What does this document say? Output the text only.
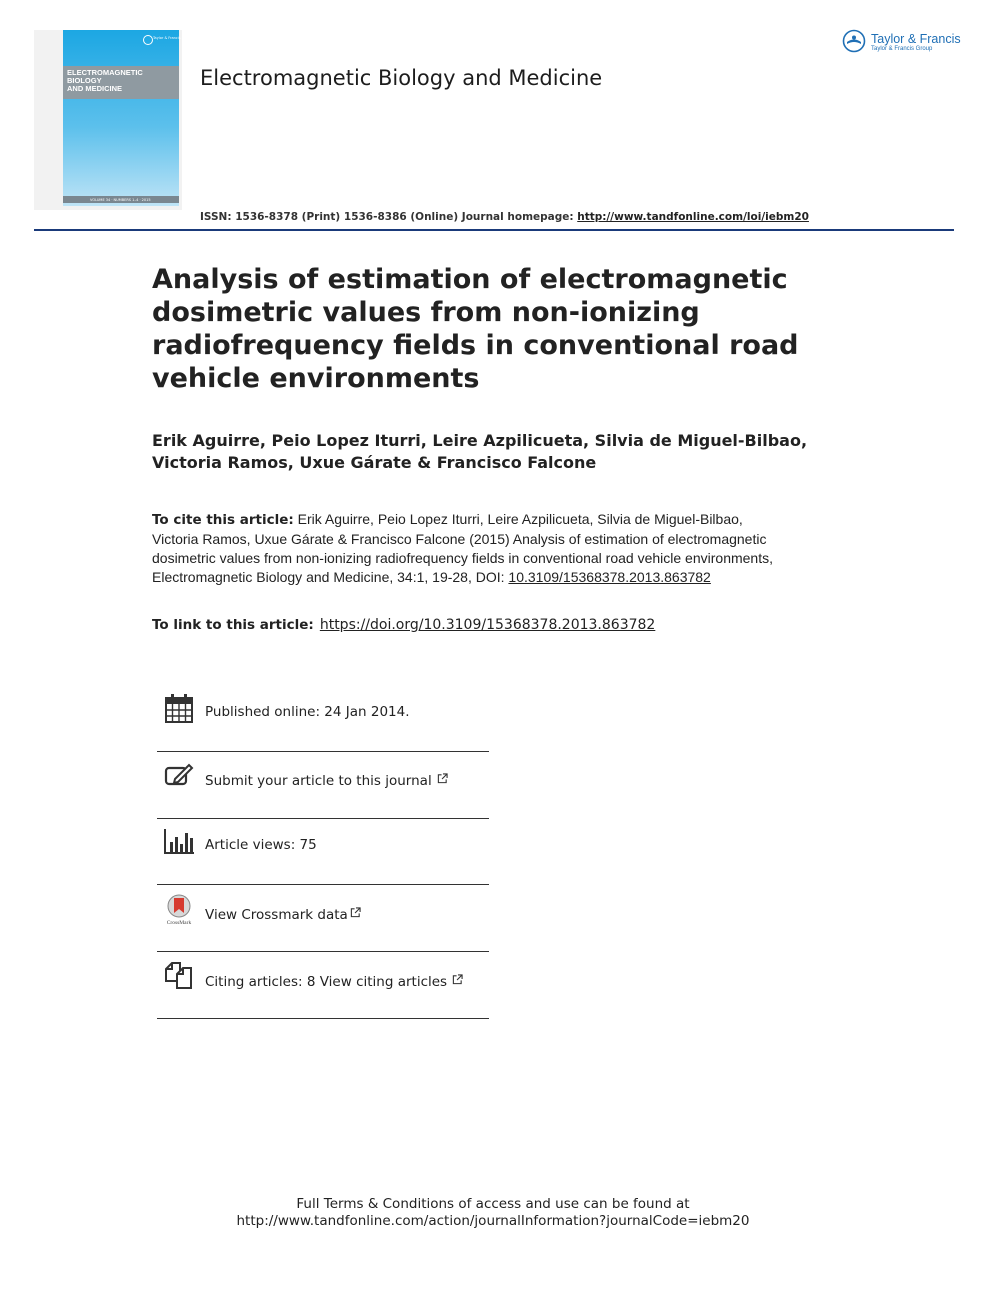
ELECTROMAGNETIC
BIOLOGY
AND MEDICINE
Taylor & Francis
VOLUME 34 · NUMBERS 1–4 · 2015
Electromagnetic Biology and Medicine
ISSN: 1536-8378 (Print) 1536-8386 (Online) Journal homepage: http://www.tandfonline.com/loi/iebm20
Taylor & Francis
Taylor & Francis Group
Analysis of estimation of electromagnetic dosimetric values from non-ionizing radiofrequency fields in conventional road vehicle environments
Erik Aguirre, Peio Lopez Iturri, Leire Azpilicueta, Silvia de Miguel-Bilbao, Victoria Ramos, Uxue Gárate & Francisco Falcone
To cite this article: Erik Aguirre, Peio Lopez Iturri, Leire Azpilicueta, Silvia de Miguel-Bilbao, Victoria Ramos, Uxue Gárate & Francisco Falcone (2015) Analysis of estimation of electromagnetic dosimetric values from non-ionizing radiofrequency fields in conventional road vehicle environments, Electromagnetic Biology and Medicine, 34:1, 19-28, DOI: 10.3109/15368378.2013.863782
To link to this article: https://doi.org/10.3109/15368378.2013.863782
Published online: 24 Jan 2014.
Submit your article to this journal
Article views: 75
CrossMark View Crossmark data
Citing articles: 8 View citing articles
Full Terms & Conditions of access and use can be found at
http://www.tandfonline.com/action/journalInformation?journalCode=iebm20
